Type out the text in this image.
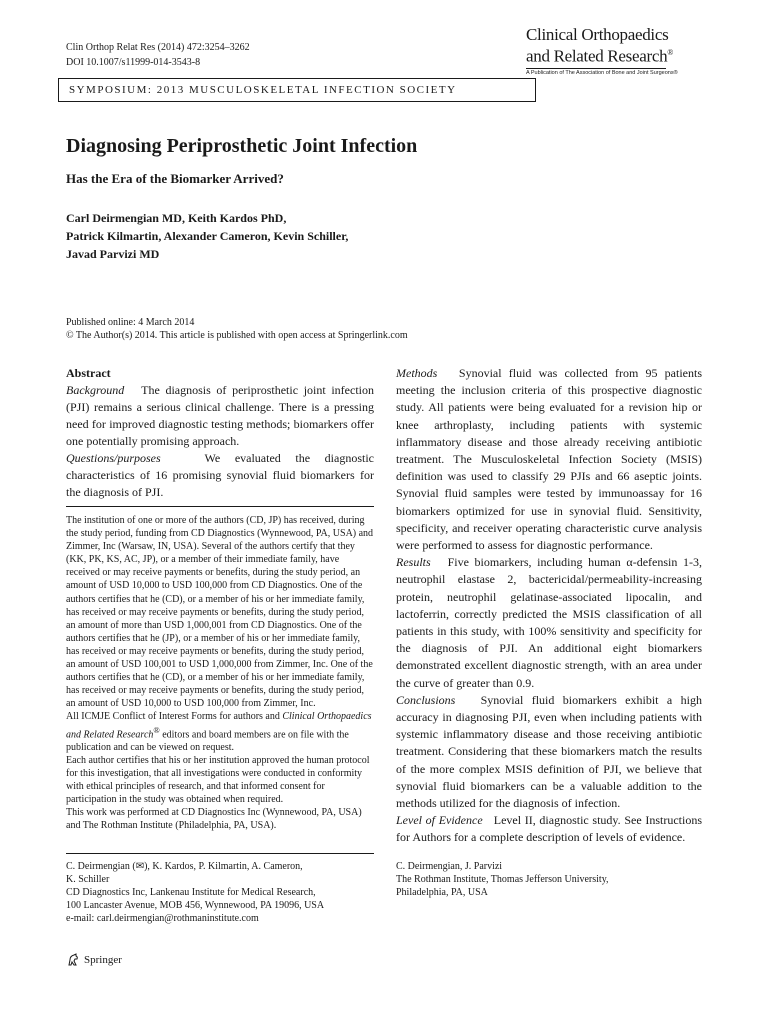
Clin Orthop Relat Res (2014) 472:3254–3262
DOI 10.1007/s11999-014-3543-8
Clinical Orthopaedics
and Related Research®
A Publication of The Association of Bone and Joint Surgeons®
SYMPOSIUM: 2013 MUSCULOSKELETAL INFECTION SOCIETY
Diagnosing Periprosthetic Joint Infection
Has the Era of the Biomarker Arrived?
Carl Deirmengian MD, Keith Kardos PhD,
Patrick Kilmartin, Alexander Cameron, Kevin Schiller,
Javad Parvizi MD
Published online: 4 March 2014
© The Author(s) 2014. This article is published with open access at Springerlink.com
Abstract
Background The diagnosis of periprosthetic joint infection (PJI) remains a serious clinical challenge. There is a pressing need for improved diagnostic testing methods; biomarkers offer one potentially promising approach.
Questions/purposes	We evaluated the diagnostic characteristics of 16 promising synovial fluid biomarkers for the diagnosis of PJI.

The institution of one or more of the authors (CD, JP) has received, during the study period, funding from CD Diagnostics (Wynnewood, PA, USA) and Zimmer, Inc (Warsaw, IN, USA). Several of the authors certify that they (KK, PK, KS, AC, JP), or a member of their immediate family, have received or may receive payments or benefits, during the study period, an amount of USD 10,000 to USD 100,000 from CD Diagnostics. One of the authors certifies that he (CD), or a member of his or her immediate family, has received or may receive payments or benefits, during the study period, an amount of more than USD 1,000,001 from CD Diagnostics. One of the authors certifies that he (JP), or a member of his or her immediate family, has received or may receive payments or benefits, during the study period, an amount of USD 100,001 to USD 1,000,000 from Zimmer, Inc. One of the authors certifies that he (CD), or a member of his or her immediate family, has received or may receive payments or benefits, during the study period, an amount of USD 10,000 to USD 100,000 from Zimmer, Inc.

All ICMJE Conflict of Interest Forms for authors and Clinical Orthopaedics and Related Research® editors and board members are on file with the publication and can be viewed on request.

Each author certifies that his or her institution approved the human protocol for this investigation, that all investigations were conducted in conformity with ethical principles of research, and that informed consent for participation in the study was obtained when required.

This work was performed at CD Diagnostics Inc (Wynnewood, PA, USA) and The Rothman Institute (Philadelphia, PA, USA).

Methods Synovial fluid was collected from 95 patients meeting the inclusion criteria of this prospective diagnostic study. All patients were being evaluated for a revision hip or knee arthroplasty, including patients with systemic inflammatory disease and those already receiving antibiotic treatment. The Musculoskeletal Infection Society (MSIS) definition was used to classify 29 PJIs and 66 aseptic joints. Synovial fluid samples were tested by immunoassay for 16 biomarkers optimized for use in synovial fluid. Sensitivity, specificity, and receiver operating characteristic curve analysis were performed to assess for diagnostic performance.
Results Five biomarkers, including human α-defensin 1-3, neutrophil elastase 2, bactericidal/permeability-increasing protein, neutrophil gelatinase-associated lipocalin, and lactoferrin, correctly predicted the MSIS classification of all patients in this study, with 100% sensitivity and specificity for the diagnosis of PJI. An additional eight biomarkers demonstrated excellent diagnostic strength, with an area under the curve of greater than 0.9.
Conclusions Synovial fluid biomarkers exhibit a high accuracy in diagnosing PJI, even when including patients with systemic inflammatory disease and those receiving antibiotic treatment. Considering that these biomarkers match the results of the more complex MSIS definition of PJI, we believe that synovial fluid biomarkers can be a valuable addition to the methods utilized for the diagnosis of infection.
Level of Evidence Level II, diagnostic study. See Instructions for Authors for a complete description of levels of evidence.

C. Deirmengian (✉), K. Kardos, P. Kilmartin, A. Cameron,

K. Schiller

CD Diagnostics Inc, Lankenau Institute for Medical Research,

100 Lancaster Avenue, MOB 456, Wynnewood, PA 19096, USA

e-mail: carl.deirmengian@rothmaninstitute.com

C. Deirmengian, J. Parvizi

The Rothman Institute, Thomas Jefferson University,

Philadelphia, PA, USA

Springer
